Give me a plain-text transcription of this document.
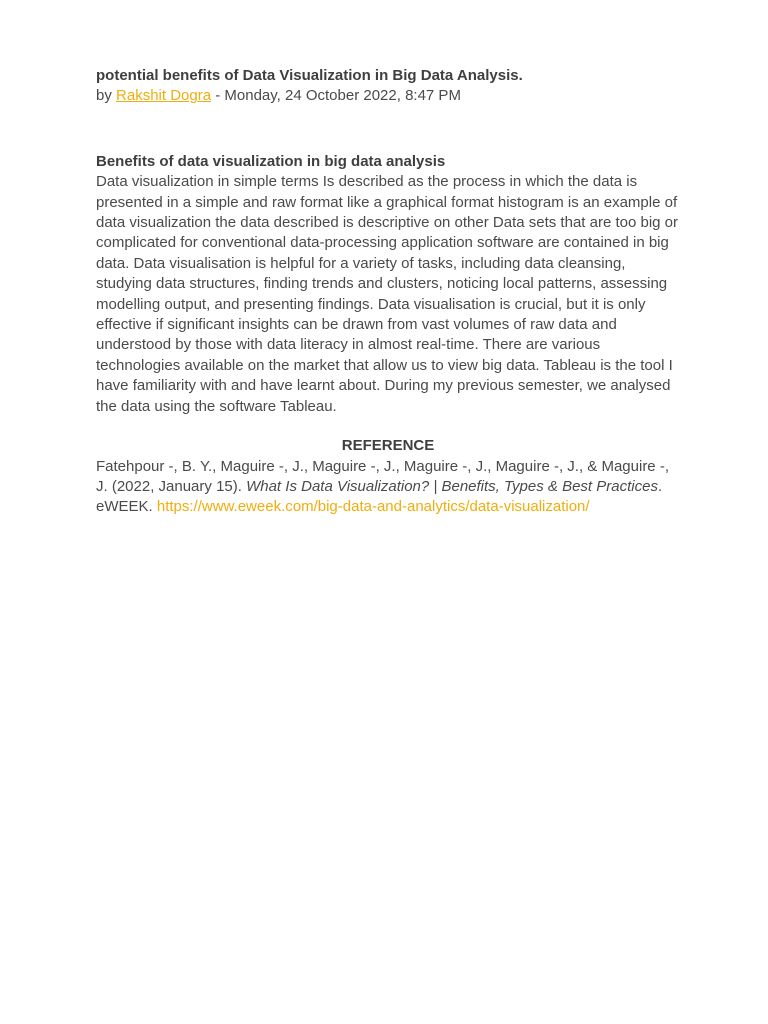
potential benefits of Data Visualization in Big Data Analysis.

by Rakshit Dogra - Monday, 24 October 2022, 8:47 PM

Benefits of data visualization in big data analysis

Data visualization in simple terms Is described as the process in which the data is presented in a simple and raw format like a graphical format histogram is an example of data visualization the data described is descriptive on other Data sets that are too big or complicated for conventional data-processing application software are contained in big data. Data visualisation is helpful for a variety of tasks, including data cleansing, studying data structures, finding trends and clusters, noticing local patterns, assessing modelling output, and presenting findings. Data visualisation is crucial, but it is only effective if significant insights can be drawn from vast volumes of raw data and understood by those with data literacy in almost real-time. There are various technologies available on the market that allow us to view big data. Tableau is the tool I have familiarity with and have learnt about. During my previous semester, we analysed the data using the software Tableau.

REFERENCE

Fatehpour -, B. Y., Maguire -, J., Maguire -, J., Maguire -, J., Maguire -, J., & Maguire -, J. (2022, January 15). What Is Data Visualization? | Benefits, Types & Best Practices. eWEEK. https://www.eweek.com/big-data-and-analytics/data-visualization/
